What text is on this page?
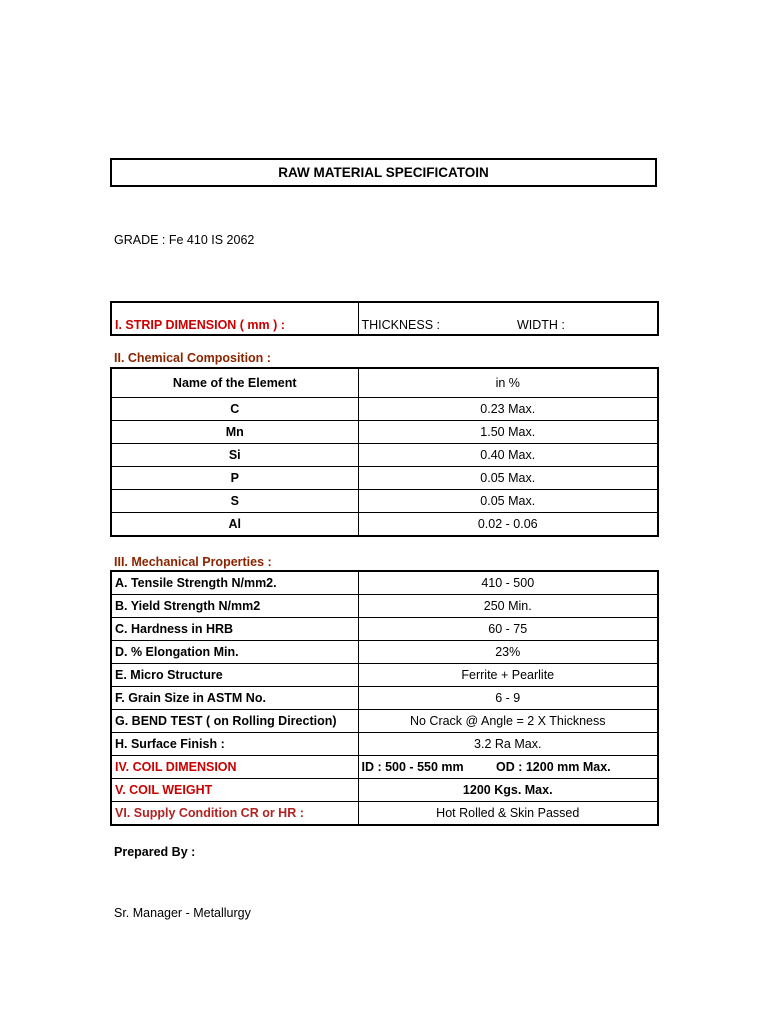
RAW MATERIAL SPECIFICATOIN
GRADE : Fe 410 IS 2062
I. STRIP DIMENSION ( mm ) :	THICKNESS :	WIDTH :
II. Chemical Composition :
Name of the Element	in %
C	0.23 Max.
Mn	1.50 Max.
Si	0.40 Max.
P	0.05 Max.
S	0.05 Max.
Al	0.02 - 0.06
III. Mechanical Properties :
A. Tensile Strength N/mm2.	410 - 500
B. Yield Strength N/mm2	250 Min.
C. Hardness in HRB	60 - 75
D. % Elongation Min.	23%
E. Micro Structure	Ferrite + Pearlite
F. Grain Size in ASTM No.	6 - 9
G. BEND TEST ( on Rolling Direction)	No Crack @ Angle = 2 X Thickness
H. Surface Finish :	3.2 Ra Max.
IV. COIL DIMENSION	ID : 500 - 550 mm OD : 1200 mm Max.

V. COIL WEIGHT	1200 Kgs. Max.
VI. Supply Condition CR or HR :	Hot Rolled & Skin Passed
Prepared By :
Sr. Manager - Metallurgy
